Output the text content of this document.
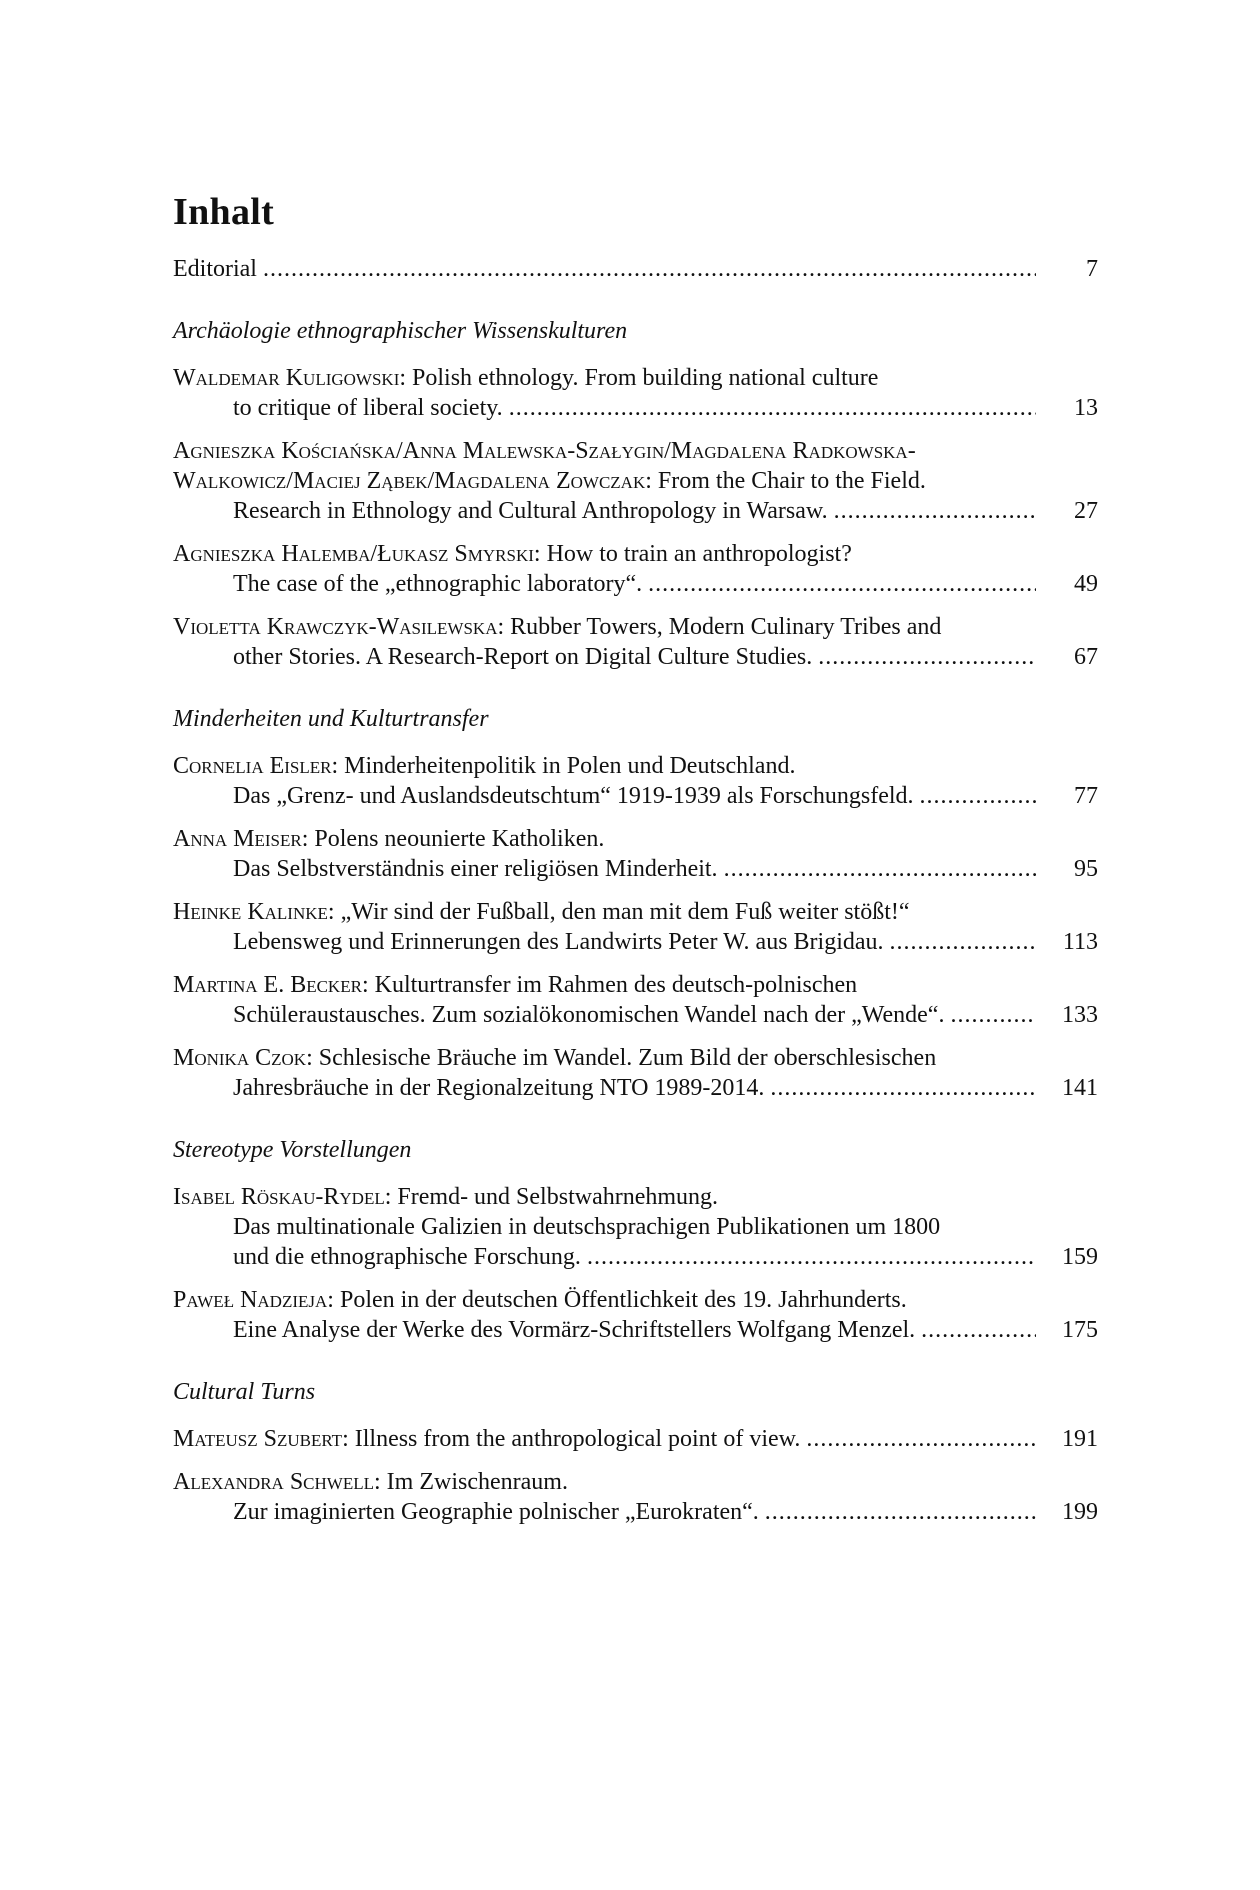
Inhalt
Editorial .....	7
Archäologie ethnographischer Wissenskulturen
Waldemar Kuligowski: Polish ethnology. From building national culture
to critique of liberal society. .....	13
Agnieszka Kościańska/Anna Malewska-Szałygin/Magdalena Radkowska-
Walkowicz/Maciej Ząbek/Magdalena Zowczak: From the Chair to the Field.
Research in Ethnology and Cultural Anthropology in Warsaw. .....	27
Agnieszka Halemba/Łukasz Smyrski: How to train an anthropologist?
The case of the „ethnographic laboratory“. .....	49
Violetta Krawczyk-Wasilewska: Rubber Towers, Modern Culinary Tribes and
other Stories. A Research-Report on Digital Culture Studies. .....	67
Minderheiten und Kulturtransfer
Cornelia Eisler: Minderheitenpolitik in Polen und Deutschland.
Das „Grenz- und Auslandsdeutschtum“ 1919-1939 als Forschungsfeld. .....	77
Anna Meiser: Polens neounierte Katholiken.
Das Selbstverständnis einer religiösen Minderheit. .....	95
Heinke Kalinke: „Wir sind der Fußball, den man mit dem Fuß weiter stößt!“
Lebensweg und Erinnerungen des Landwirts Peter W. aus Brigidau. .....	113
Martina E. Becker: Kulturtransfer im Rahmen des deutsch-polnischen
Schüleraustausches. Zum sozialökonomischen Wandel nach der „Wende“. .....	133
Monika Czok: Schlesische Bräuche im Wandel. Zum Bild der oberschlesischen
Jahresbräuche in der Regionalzeitung NTO 1989-2014. .....	141
Stereotype Vorstellungen
Isabel Röskau-Rydel: Fremd- und Selbstwahrnehmung.
Das multinationale Galizien in deutschsprachigen Publikationen um 1800
und die ethnographische Forschung. .....	159
Paweł Nadzieja: Polen in der deutschen Öffentlichkeit des 19. Jahrhunderts.
Eine Analyse der Werke des Vormärz-Schriftstellers Wolfgang Menzel. .....	175
Cultural Turns
Mateusz Szubert: Illness from the anthropological point of view. .....	191
Alexandra Schwell: Im Zwischenraum.
Zur imaginierten Geographie polnischer „Eurokraten“. .....	199
